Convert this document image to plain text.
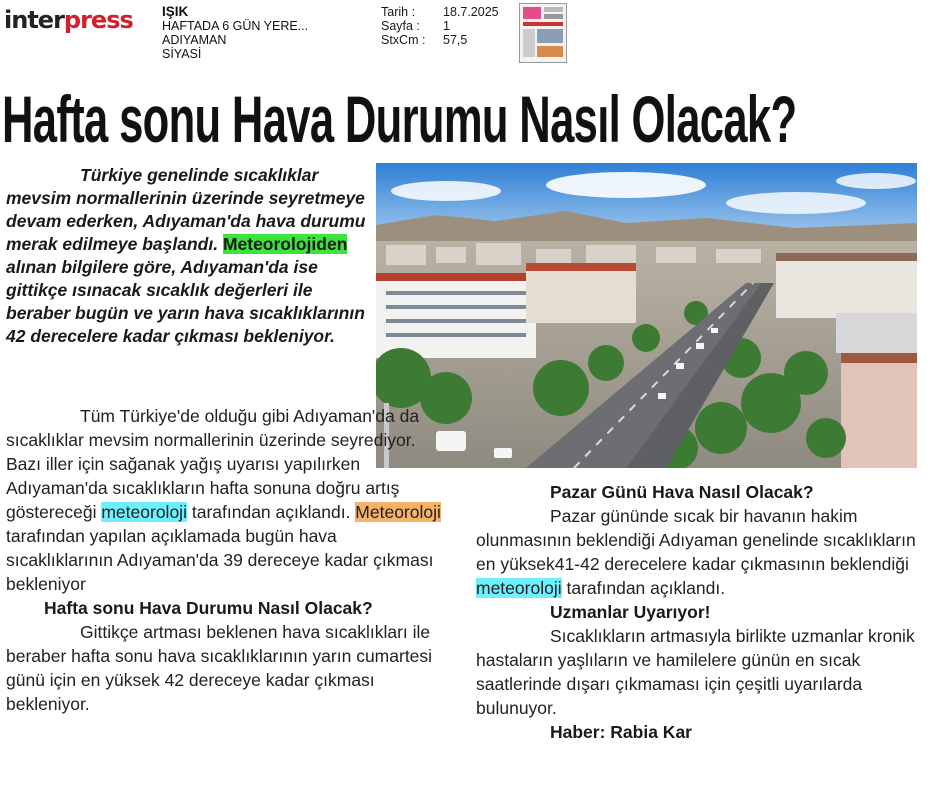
interpress IŞIK
HAFTADA 6 GÜN YERE...
ADIYAMAN
SİYASİ
Tarih :	18.7.2025
Sayfa :	1
StxCm :	57,5
Hafta sonu Hava Durumu Nasıl Olacak?

Türkiye genelinde sıcaklıklar mevsim normallerinin üzerinde seyretmeye devam ederken, Adıyaman'da hava durumu merak edilmeye başlandı. Meteorolojiden alınan bilgilere göre, Adıyaman'da ise gittikçe ısınacak sıcaklık değerleri ile beraber bugün ve yarın hava sıcaklıklarının 42 derecelere kadar çıkması bekleniyor.

Tüm Türkiye'de olduğu gibi Adıyaman'da da sıcaklıklar mevsim normallerinin üzerinde seyrediyor. Bazı iller için sağanak yağış uyarısı yapılırken Adıyaman'da sıcaklıkların hafta sonuna doğru artış göstereceği meteoroloji tarafından açıklandı. Meteoroloji tarafından yapılan açıklamada bugün hava sıcaklıklarının Adıyaman'da 39 dereceye kadar çıkması bekleniyor

Hafta sonu Hava Durumu Nasıl Olacak?

Gittikçe artması beklenen hava sıcaklıkları ile beraber hafta sonu hava sıcaklıklarının yarın cumartesi günü için en yüksek 42 dereceye kadar çıkması bekleniyor.

Pazar Günü Hava Nasıl Olacak?

Pazar gününde sıcak bir havanın hakim olunmasının beklendiği Adıyaman genelinde sıcaklıkların en yüksek41-42 derecelere kadar çıkmasının beklendiği meteoroloji tarafından açıklandı.

Uzmanlar Uyarıyor!

Sıcaklıkların artmasıyla birlikte uzmanlar kronik hastaların yaşlıların ve hamilelere günün en sıcak saatlerinde dışarı çıkmaması için çeşitli uyarılarda bulunuyor.

Haber: Rabia Kar
